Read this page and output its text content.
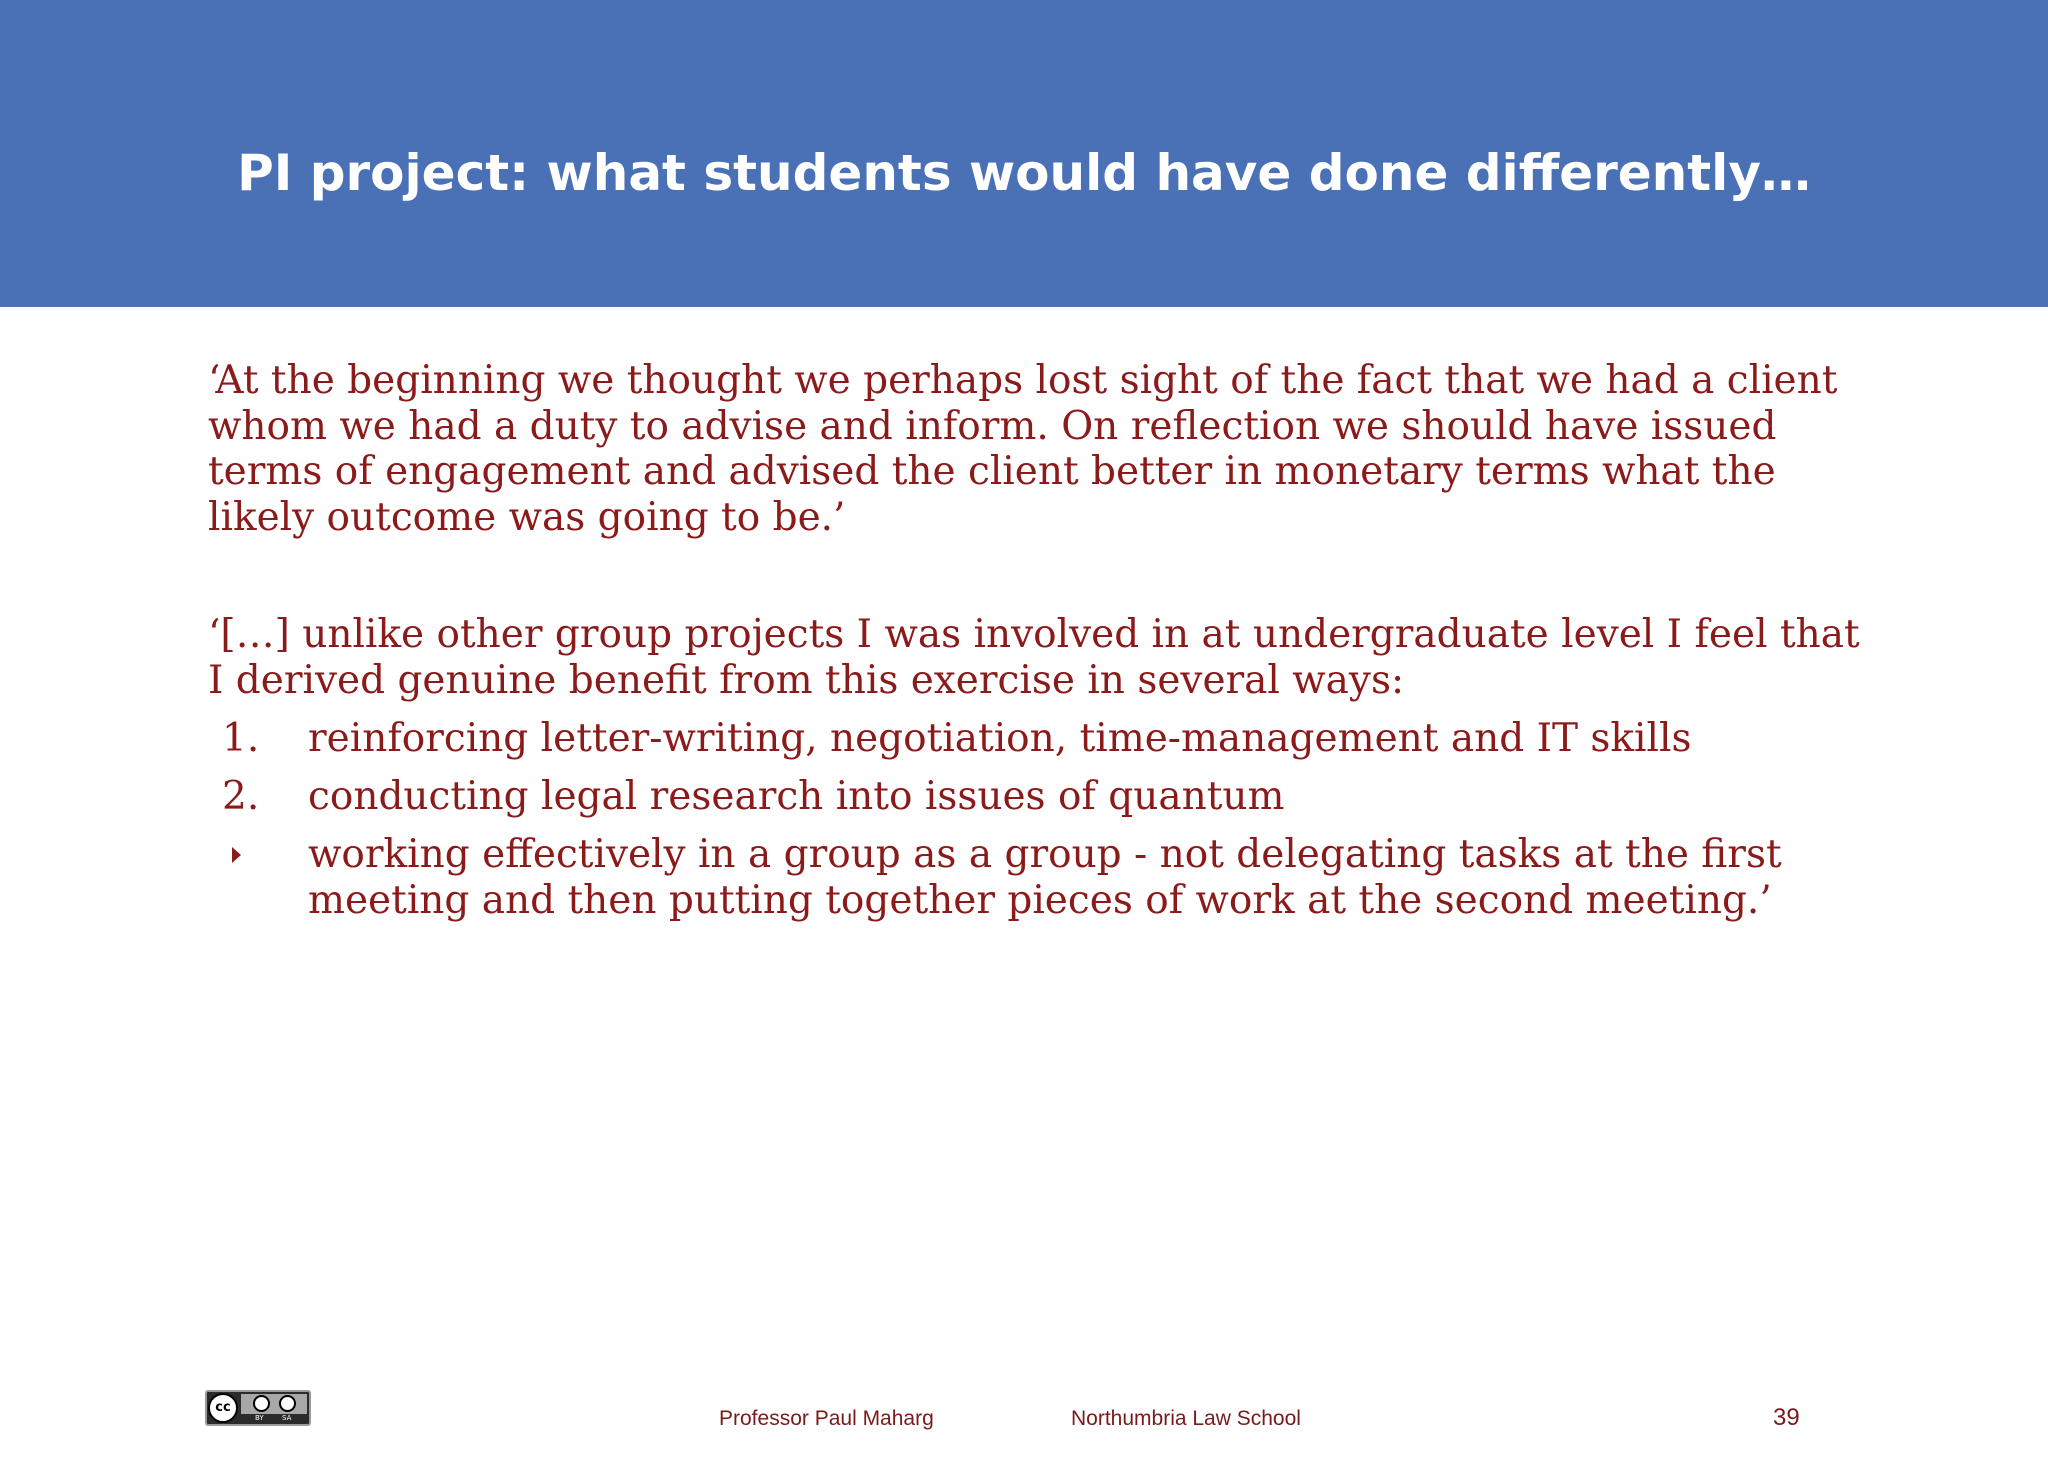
PI project: what students would have done differently…
‘At the beginning we thought we perhaps lost sight of the fact that we had a client
whom we had a duty to advise and inform. On reflection we should have issued
terms of engagement and advised the client better in monetary terms what the
likely outcome was going to be.’
‘[…] unlike other group projects I was involved in at undergraduate level I feel that
I derived genuine benefit from this exercise in several ways:
1.	reinforcing letter-writing, negotiation, time-management and IT skills
2.	conducting legal research into issues of quantum
working effectively in a group as a group - not delegating tasks at the first
meeting and then putting together pieces of work at the second meeting.’
cc
BY	SA	Professor Paul Maharg	Northumbria Law School	39
